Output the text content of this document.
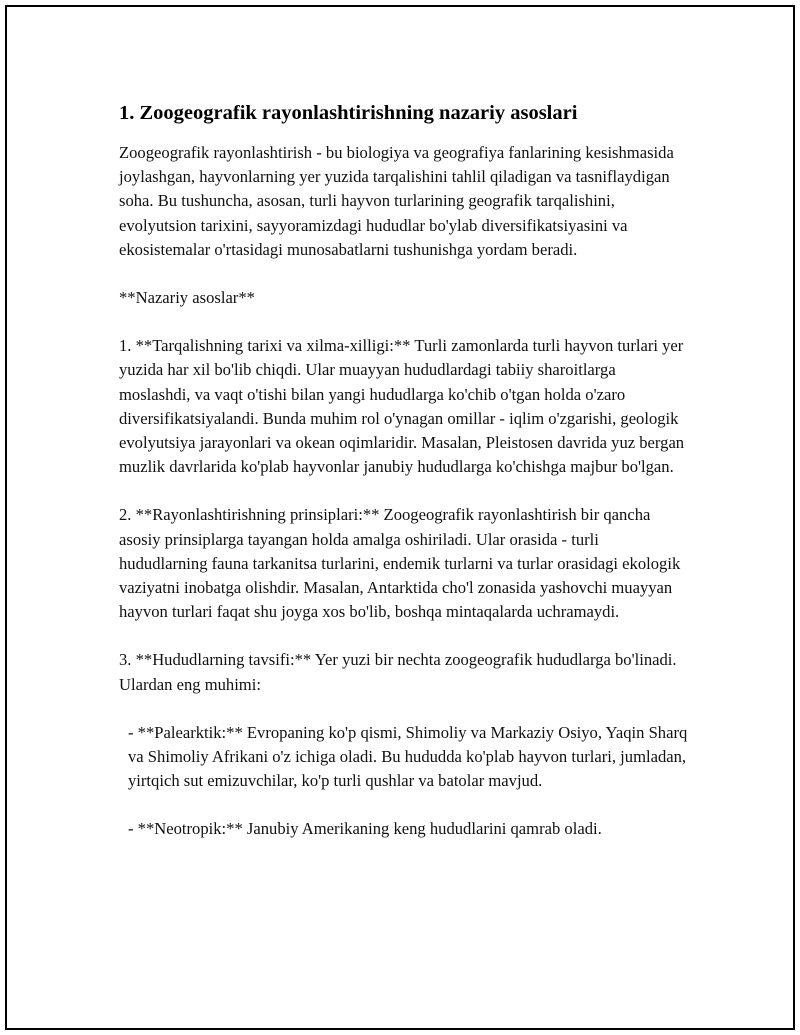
1. Zoogeografik rayonlashtirishning nazariy asoslari

Zoogeografik rayonlashtirish - bu biologiya va geografiya fanlarining kesishmasida joylashgan, hayvonlarning yer yuzida tarqalishini tahlil qiladigan va tasniflaydigan soha. Bu tushuncha, asosan, turli hayvon turlarining geografik tarqalishini, evolyutsion tarixini, sayyoramizdagi hududlar bo'ylab diversifikatsiyasini va ekosistemalar o'rtasidagi munosabatlarni tushunishga yordam beradi.

**Nazariy asoslar**

1. **Tarqalishning tarixi va xilma-xilligi:** Turli zamonlarda turli hayvon turlari yer yuzida har xil bo'lib chiqdi. Ular muayyan hududlardagi tabiiy sharoitlarga moslashdi, va vaqt o'tishi bilan yangi hududlarga ko'chib o'tgan holda o'zaro diversifikatsiyalandi. Bunda muhim rol o'ynagan omillar - iqlim o'zgarishi, geologik evolyutsiya jarayonlari va okean oqimlaridir. Masalan, Pleistosen davrida yuz bergan muzlik davrlarida ko'plab hayvonlar janubiy hududlarga ko'chishga majbur bo'lgan.

2. **Rayonlashtirishning prinsiplari:** Zoogeografik rayonlashtirish bir qancha asosiy prinsiplarga tayangan holda amalga oshiriladi. Ular orasida - turli hududlarning fauna tarkanitsa turlarini, endemik turlarni va turlar orasidagi ekologik vaziyatni inobatga olishdir. Masalan, Antarktida cho'l zonasida yashovchi muayyan hayvon turlari faqat shu joyga xos bo'lib, boshqa mintaqalarda uchramaydi.

3. **Hududlarning tavsifi:** Yer yuzi bir nechta zoogeografik hududlarga bo'linadi. Ulardan eng muhimi:

- **Palearktik:** Evropaning ko'p qismi, Shimoliy va Markaziy Osiyo, Yaqin Sharq va Shimoliy Afrikani o'z ichiga oladi. Bu hududda ko'plab hayvon turlari, jumladan, yirtqich sut emizuvchilar, ko'p turli qushlar va batolar mavjud.

- **Neotropik:** Janubiy Amerikaning keng hududlarini qamrab oladi.
